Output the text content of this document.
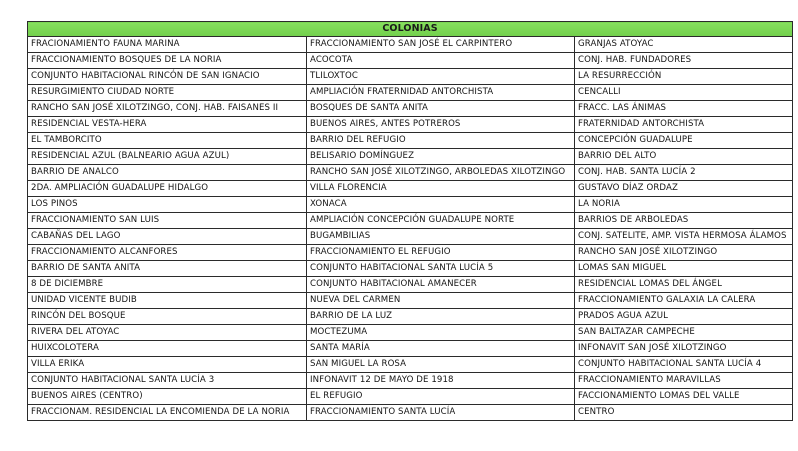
COLONIAS		
FRACIONAMIENTO FAUNA MARINA	FRACCIONAMIENTO SAN JOSÉ EL CARPINTERO	GRANJAS ATOYAC
FRACCIONAMIENTO BOSQUES DE LA NORIA	ACOCOTA	CONJ. HAB. FUNDADORES
CONJUNTO HABITACIONAL RINCÓN DE SAN IGNACIO	TLILOXTOC	LA RESURRECCIÓN
RESURGIMIENTO CIUDAD NORTE	AMPLIACIÓN FRATERNIDAD ANTORCHISTA	CENCALLI
RANCHO SAN JOSÉ XILOTZINGO, CONJ. HAB. FAISANES II	BOSQUES DE SANTA ANITA	FRACC. LAS ÁNIMAS
RESIDENCIAL VESTA-HERA	BUENOS AIRES, ANTES POTREROS	FRATERNIDAD ANTORCHISTA
EL TAMBORCITO	BARRIO DEL REFUGIO	CONCEPCIÓN GUADALUPE
RESIDENCIAL AZUL (BALNEARIO AGUA AZUL)	BELISARIO DOMÍNGUEZ	BARRIO DEL ALTO
BARRIO DE ANALCO	RANCHO SAN JOSÉ XILOTZINGO, ARBOLEDAS XILOTZINGO	CONJ. HAB. SANTA LUCÍA 2
2DA. AMPLIACIÓN GUADALUPE HIDALGO	VILLA FLORENCIA	GUSTAVO DÍAZ ORDAZ
LOS PINOS	XONACA	LA NORIA
FRACCIONAMIENTO SAN LUIS	AMPLIACIÓN CONCEPCIÓN GUADALUPE NORTE	BARRIOS DE ARBOLEDAS
CABAÑAS DEL LAGO	BUGAMBILIAS	CONJ. SATELITE, AMP. VISTA HERMOSA ÁLAMOS
FRACCIONAMIENTO ALCANFORES	FRACCIONAMIENTO EL REFUGIO	RANCHO SAN JOSÉ XILOTZINGO
BARRIO DE SANTA ANITA	CONJUNTO HABITACIONAL SANTA LUCÍA 5	LOMAS SAN MIGUEL
8 DE DICIEMBRE	CONJUNTO HABITACIONAL AMANECER	RESIDENCIAL LOMAS DEL ÁNGEL
UNIDAD VICENTE BUDIB	NUEVA DEL CARMEN	FRACCIONAMIENTO GALAXIA LA CALERA
RINCÓN DEL BOSQUE	BARRIO DE LA LUZ	PRADOS AGUA AZUL
RIVERA DEL ATOYAC	MOCTEZUMA	SAN BALTAZAR CAMPECHE
HUIXCOLOTERA	SANTA MARÍA	INFONAVIT SAN JOSÉ XILOTZINGO
VILLA ERIKA	SAN MIGUEL LA ROSA	CONJUNTO HABITACIONAL SANTA LUCÍA 4
CONJUNTO HABITACIONAL SANTA LUCÍA 3	INFONAVIT 12 DE MAYO DE 1918	FRACCIONAMIENTO MARAVILLAS
BUENOS AIRES (CENTRO)	EL REFUGIO	FACCIONAMIENTO LOMAS DEL VALLE
FRACCIONAM. RESIDENCIAL LA ENCOMIENDA DE LA NORIA	FRACCIONAMIENTO SANTA LUCÍA	CENTRO
